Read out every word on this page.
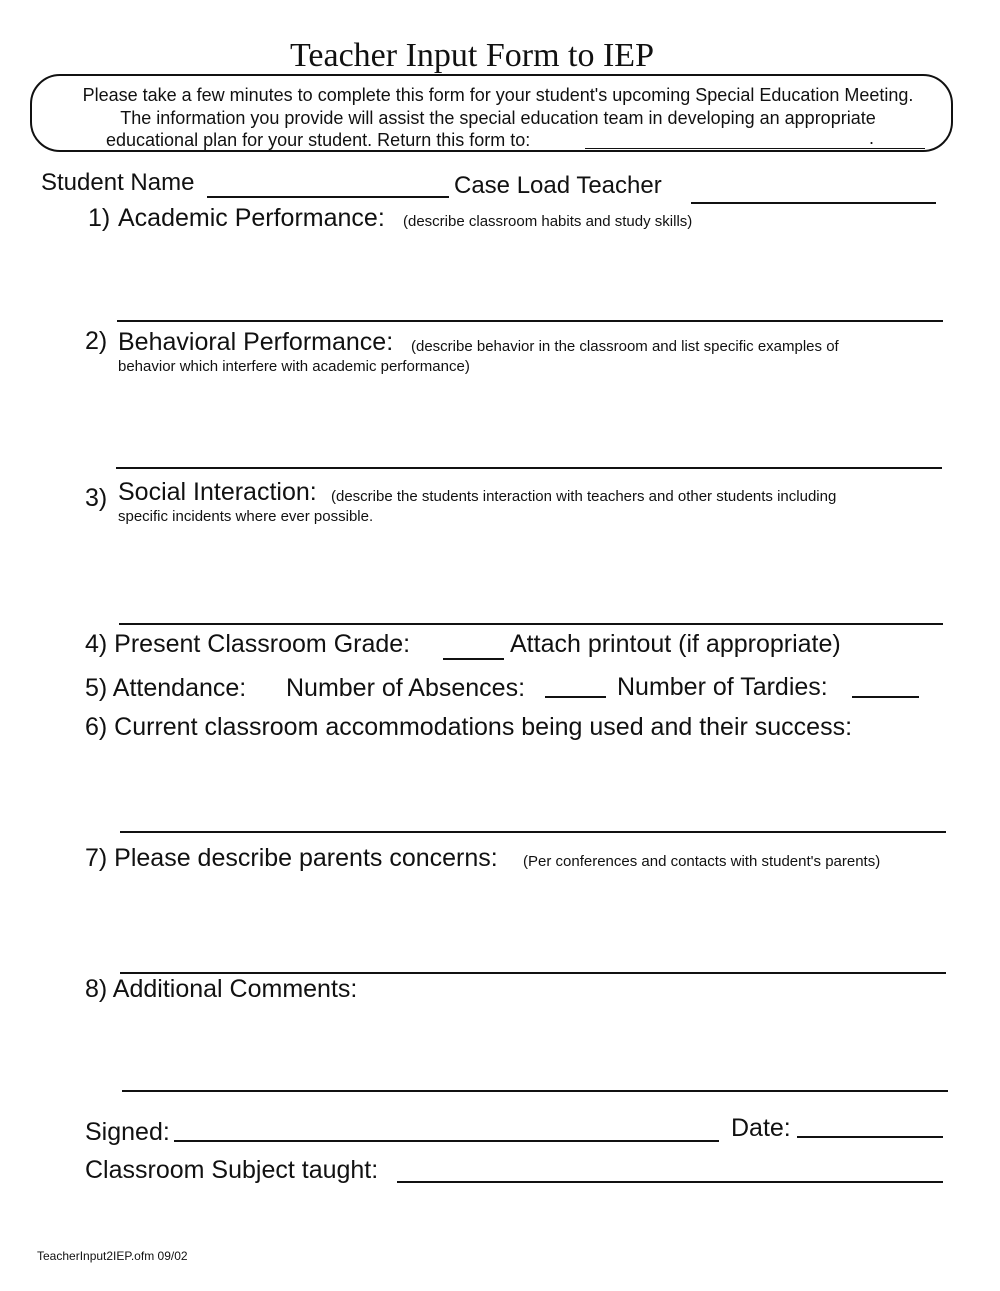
Teacher Input Form to IEP
Please take a few minutes to complete this form for your student's upcoming Special Education Meeting.
The information you provide will assist the special education team in developing an appropriate
educational plan for your student. Return this form to:	.
Student Name	Case Load Teacher
1) Academic Performance: (describe classroom habits and study skills)
2) Behavioral Performance: (describe behavior in the classroom and list specific examples of
behavior which interfere with academic performance)
3) Social Interaction: (describe the students interaction with teachers and other students including
specific incidents where ever possible.
4) Present Classroom Grade:	Attach printout (if appropriate)
5) Attendance: Number of Absences:	Number of Tardies:
6) Current classroom accommodations being used and their success:
7) Please describe parents concerns: (Per conferences and contacts with student's parents)
8) Additional Comments:
Signed:	Date:
Classroom Subject taught:
TeacherInput2IEP.ofm 09/02
